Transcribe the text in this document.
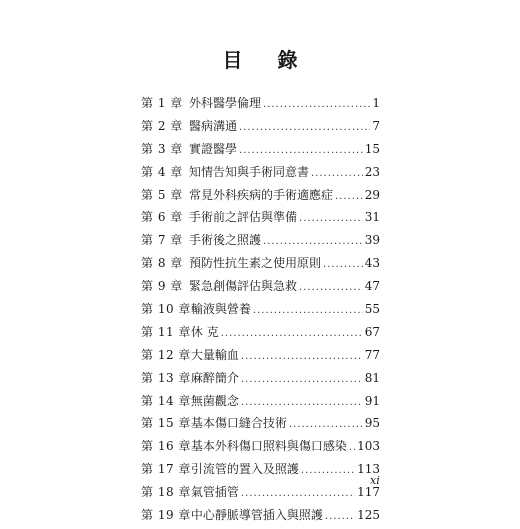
目 錄
第 1 章 外科醫學倫理 .....	1
第 2 章 醫病溝通 .....	7
第 3 章 實證醫學 .....	15
第 4 章 知情告知與手術同意書 .....	23
第 5 章 常見外科疾病的手術適應症 .....	29
第 6 章 手術前之評估與準備 .....	31
第 7 章 手術後之照護 .....	39
第 8 章 預防性抗生素之使用原則 .....	43
第 9 章 緊急創傷評估與急救 .....	47
第 10 章 輸液與營養 .....	55
第 11 章 休 克 .....	67
第 12 章 大量輸血 .....	77
第 13 章 麻醉簡介 .....	81
第 14 章 無菌觀念 .....	91
第 15 章 基本傷口縫合技術 .....	95
第 16 章 基本外科傷口照料與傷口感染 ..... 103
第 17 章 引流管的置入及照護 .....	113
第 18 章 氣管插管 .....	117
第 19 章 中心靜脈導管插入與照護 .....	125
xi
